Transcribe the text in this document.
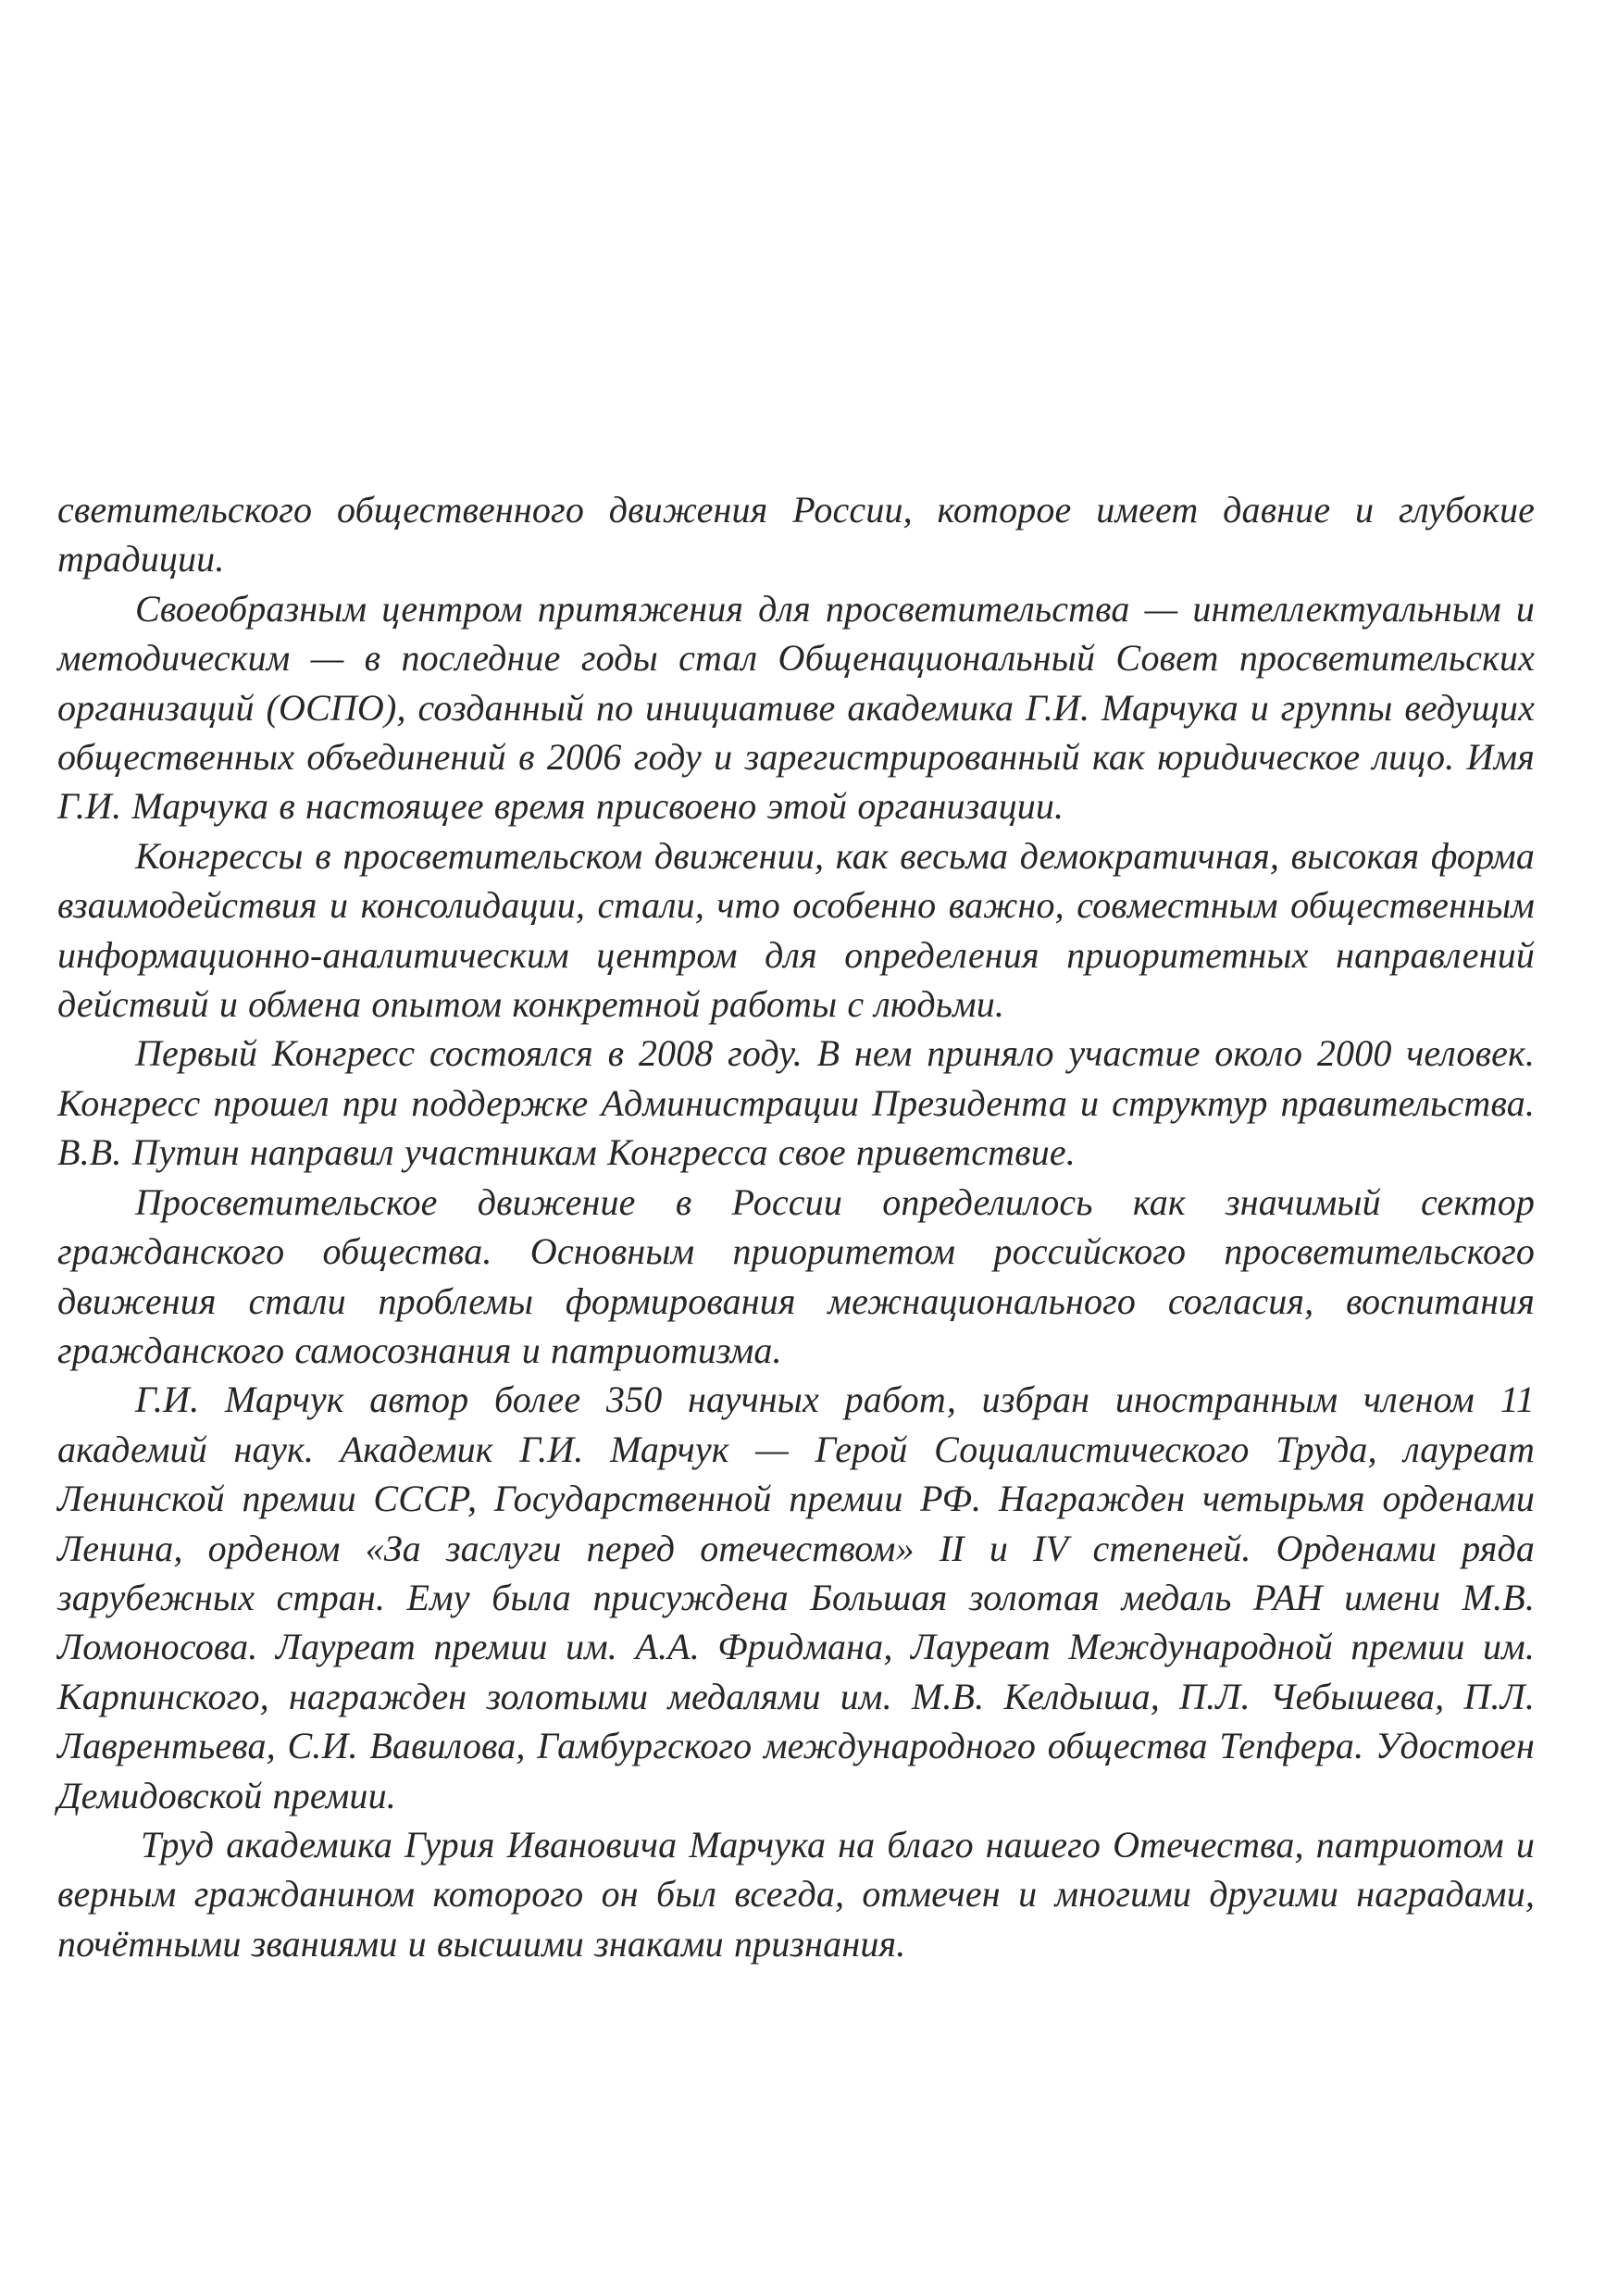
светительского общественного движения России, которое имеет давние и глубокие традиции.

Своеобразным центром притяжения для просветительства — интеллектуальным и методическим — в последние годы стал Общенациональный Совет просветительских организаций (ОСПО), созданный по инициативе академика Г.И. Марчука и группы ведущих общественных объединений в 2006 году и зарегистрированный как юридическое лицо. Имя Г.И. Марчука в настоящее время присвоено этой организации.

Конгрессы в просветительском движении, как весьма демократичная, высокая форма взаимодействия и консолидации, стали, что особенно важно, совместным общественным информационно-аналитическим центром для определения приоритетных направлений действий и обмена опытом конкретной работы с людьми.

Первый Конгресс состоялся в 2008 году. В нем приняло участие около 2000 человек. Конгресс прошел при поддержке Администрации Президента и структур правительства. В.В. Путин направил участникам Конгресса свое приветствие.

Просветительское движение в России определилось как значимый сектор гражданского общества. Основным приоритетом российского просветительского движения стали проблемы формирования межнационального согласия, воспитания гражданского самосознания и патриотизма.

Г.И. Марчук автор более 350 научных работ, избран иностранным членом 11 академий наук. Академик Г.И. Марчук — Герой Социалистического Труда, лауреат Ленинской премии СССР, Государственной премии РФ. Награжден четырьмя орденами Ленина, орденом «За заслуги перед отечеством» II и IV степеней. Орденами ряда зарубежных стран. Ему была присуждена Большая золотая медаль РАН имени М.В. Ломоносова. Лауреат премии им. А.А. Фридмана, Лауреат Международной премии им. Карпинского, награжден золотыми медалями им. М.В. Келдыша, П.Л. Чебышева, П.Л. Лаврентьева, С.И. Вавилова, Гамбургского международного общества Тепфера. Удостоен Демидовской премии.

Труд академика Гурия Ивановича Марчука на благо нашего Отечества, патриотом и верным гражданином которого он был всегда, отмечен и многими другими наградами, почётными званиями и высшими знаками признания.
